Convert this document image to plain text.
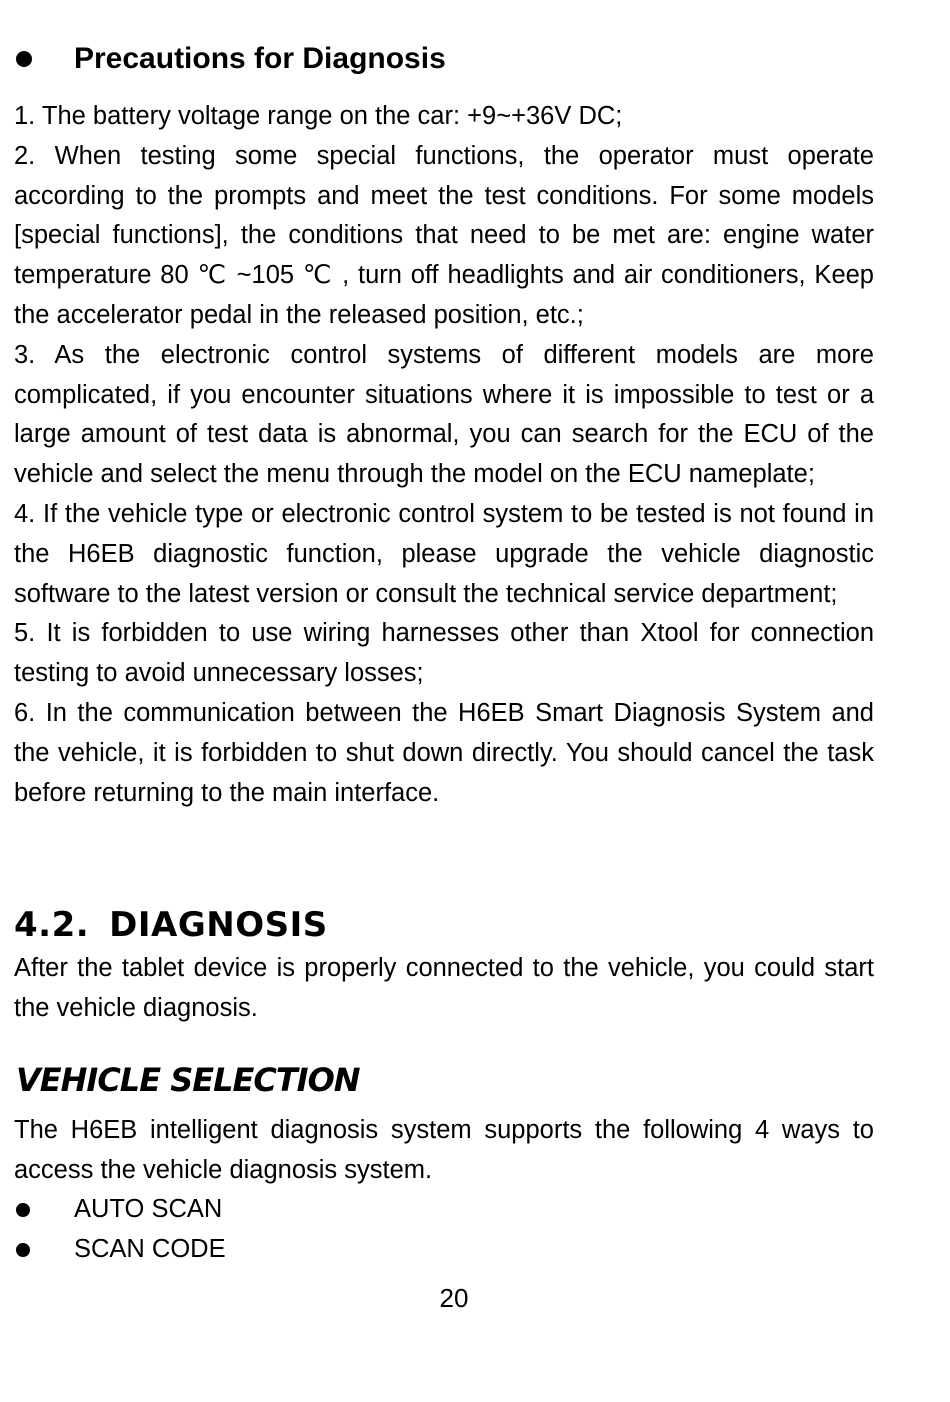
Precautions for Diagnosis

1. The battery voltage range on the car: +9~+36V DC;

2. When testing some special functions, the operator must operate according to the prompts and meet the test conditions. For some models [special functions], the conditions that need to be met are: engine water temperature 80 ℃ ~105 ℃ , turn off headlights and air conditioners, Keep the accelerator pedal in the released position, etc.;

3. As the electronic control systems of different models are more complicated, if you encounter situations where it is impossible to test or a large amount of test data is abnormal, you can search for the ECU of the vehicle and select the menu through the model on the ECU nameplate;

4. If the vehicle type or electronic control system to be tested is not found in the H6EB diagnostic function, please upgrade the vehicle diagnostic software to the latest version or consult the technical service department;

5. It is forbidden to use wiring harnesses other than Xtool for connection testing to avoid unnecessary losses;

6. In the communication between the H6EB Smart Diagnosis System and the vehicle, it is forbidden to shut down directly. You should cancel the task before returning to the main interface.

4.2. DIAGNOSIS

After the tablet device is properly connected to the vehicle, you could start the vehicle diagnosis.

VEHICLE SELECTION

The H6EB intelligent diagnosis system supports the following 4 ways to access the vehicle diagnosis system.

AUTO SCAN
SCAN CODE
20
